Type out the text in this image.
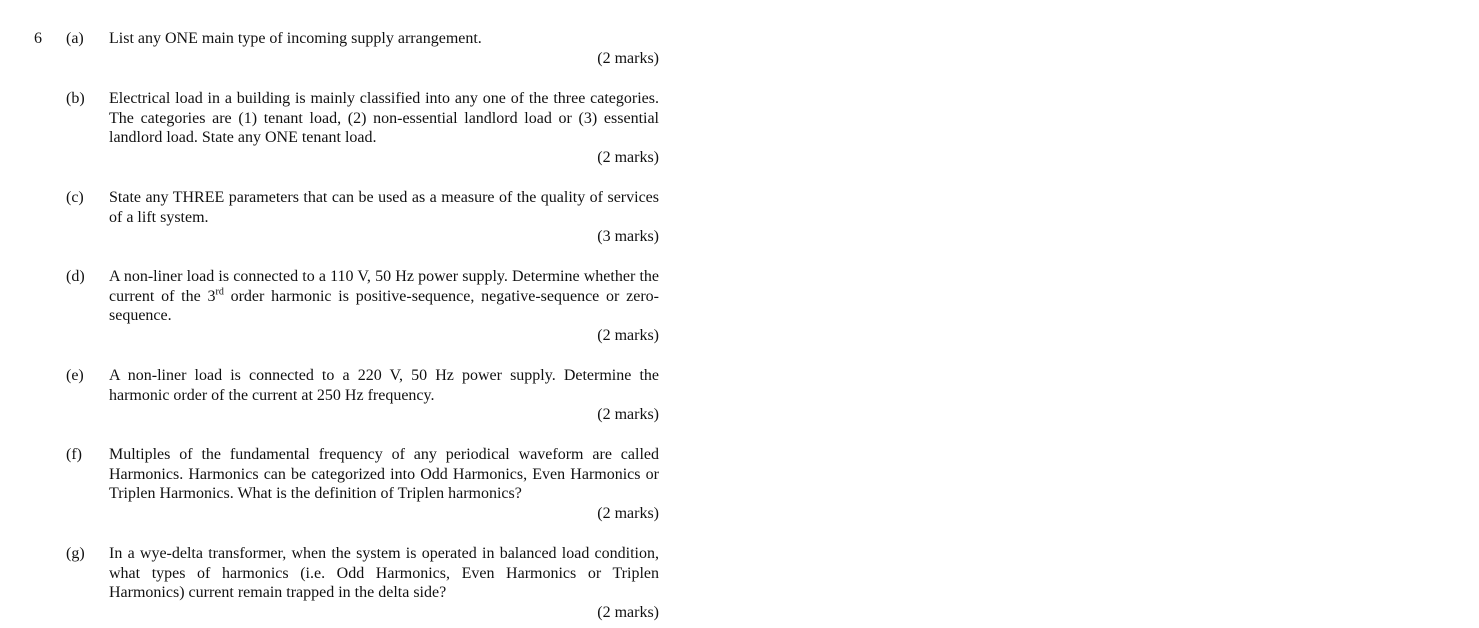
6 (a)	List any ONE main type of incoming supply arrangement.
(2 marks)
(b)	Electrical load in a building is mainly classified into any one of the three categories. The categories are (1) tenant load, (2) non-essential landlord load or (3) essential landlord load. State any ONE tenant load.
(2 marks)
(c)	State any THREE parameters that can be used as a measure of the quality of services of a lift system.
(3 marks)
(d)	A non-liner load is connected to a 110 V, 50 Hz power supply. Determine whether the current of the 3rd order harmonic is positive-sequence, negative-sequence or zero-sequence.
(2 marks)
(e)	A non-liner load is connected to a 220 V, 50 Hz power supply. Determine the harmonic order of the current at 250 Hz frequency.
(2 marks)
(f)	Multiples of the fundamental frequency of any periodical waveform are called Harmonics. Harmonics can be categorized into Odd Harmonics, Even Harmonics or Triplen Harmonics. What is the definition of Triplen harmonics?
(2 marks)
(g)	In a wye-delta transformer, when the system is operated in balanced load condition, what types of harmonics (i.e. Odd Harmonics, Even Harmonics or Triplen Harmonics) current remain trapped in the delta side?
(2 marks)
